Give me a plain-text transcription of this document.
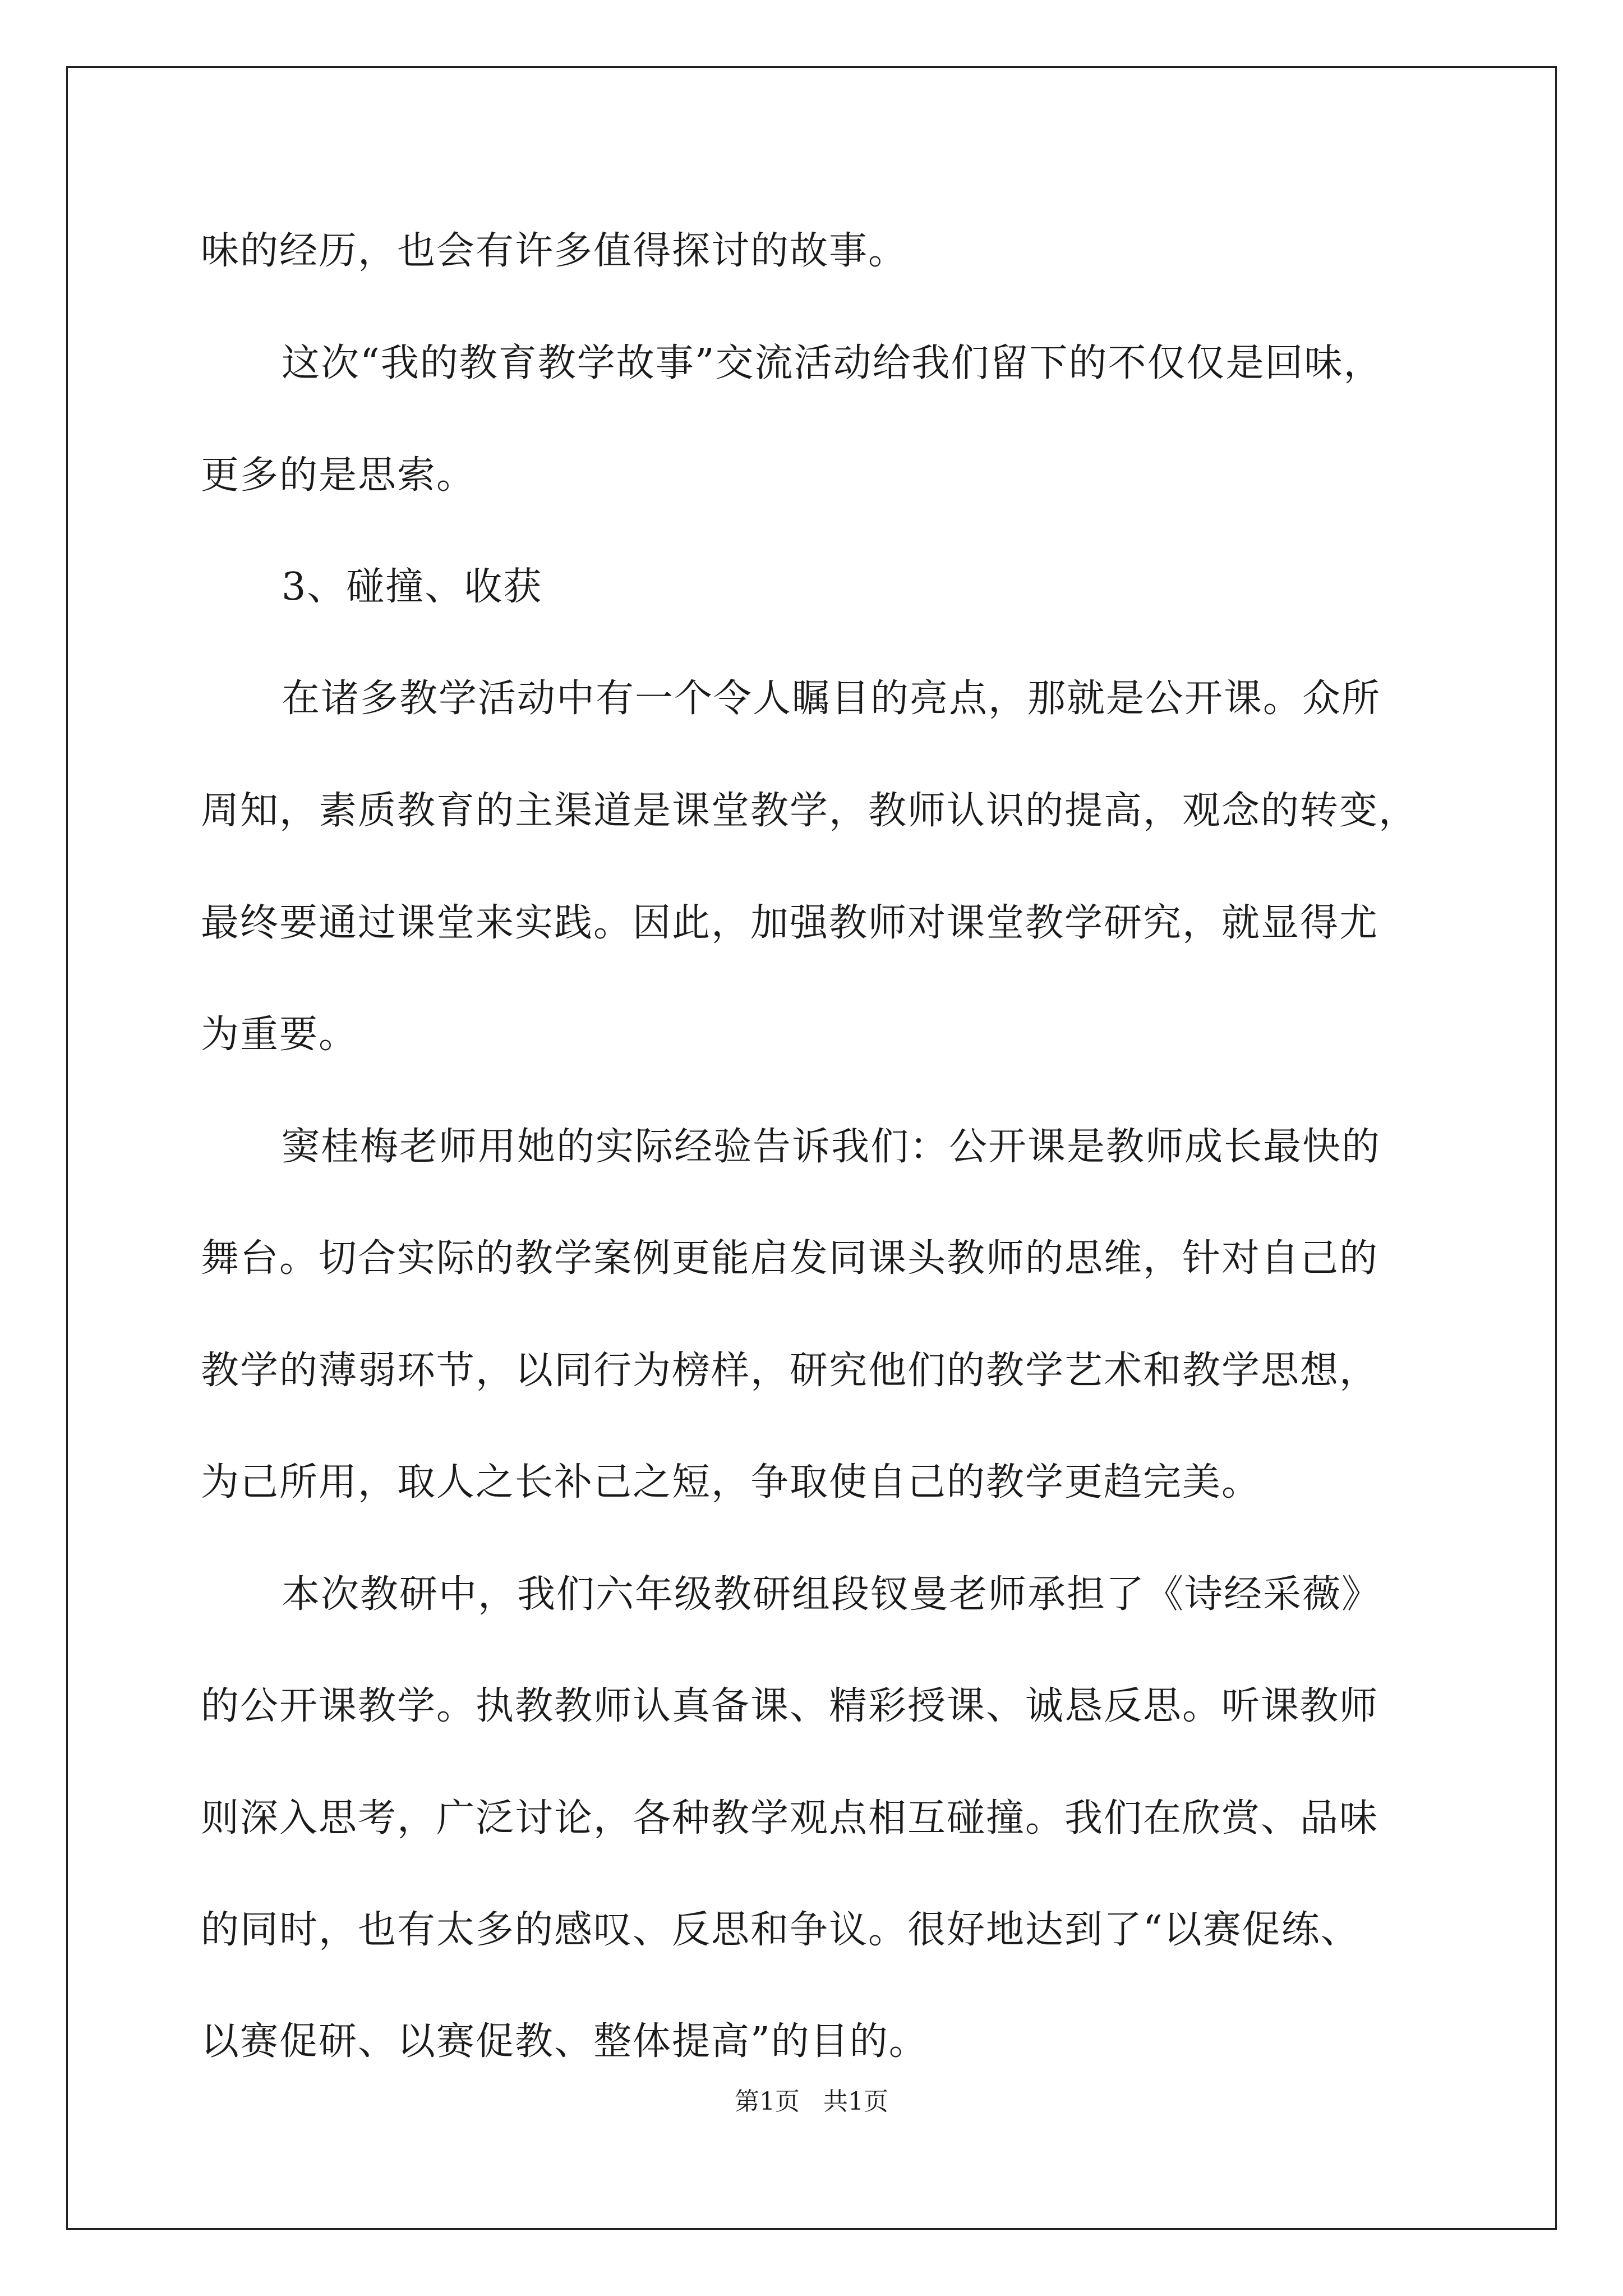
味的经历，也会有许多值得探讨的故事。

这次“我的教育教学故事”交流活动给我们留下的不仅仅是回味，

更多的是思索。

3、碰撞、收获

在诸多教学活动中有一个令人瞩目的亮点，那就是公开课。众所

周知，素质教育的主渠道是课堂教学，教师认识的提高，观念的转变，

最终要通过课堂来实践。因此，加强教师对课堂教学研究，就显得尤

为重要。

窦桂梅老师用她的实际经验告诉我们：公开课是教师成长最快的

舞台。切合实际的教学案例更能启发同课头教师的思维，针对自己的

教学的薄弱环节，以同行为榜样，研究他们的教学艺术和教学思想，

为己所用，取人之长补己之短，争取使自己的教学更趋完美。

本次教研中，我们六年级教研组段钗曼老师承担了《诗经采薇》

的公开课教学。执教教师认真备课、精彩授课、诚恳反思。听课教师

则深入思考，广泛讨论，各种教学观点相互碰撞。我们在欣赏、品味

的同时，也有太多的感叹、反思和争议。很好地达到了“以赛促练、

以赛促研、以赛促教、整体提高”的目的。

第1页   共1页
